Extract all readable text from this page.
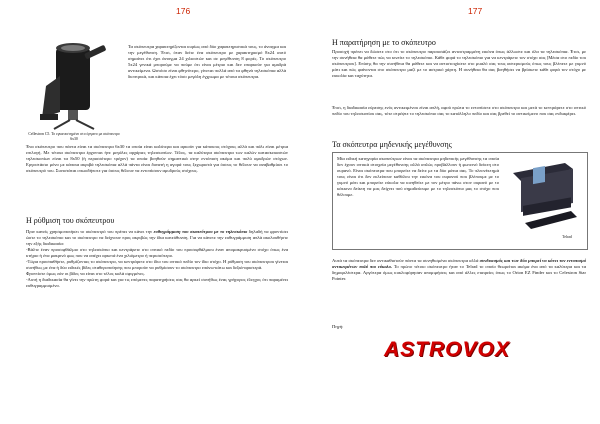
176
Cellestron C5. Το εγκατεστημένο στο όργανο με σκόπευτρο 6x30
Τα σκόπευτρα χαρακτηρίζονται κυρίως από δύο χαρακτηριστικά τους, το άνοιγμα και την μεγέθυνση. Έτσι, όταν δείτε ένα σκόπευτρο με χαρακτηρισμό 8x24 αυτό σημαίνει ότι έχει άνοιγμα 24 χιλιοστών και σε μεγέθυνση 8 φορές. Το σκόπευτρο 5x24 γενικά μπορούμε να πούμε ότι είναι μέτριο και δεν επαρκούν για αμυδρά αντικείμενα. Ωστόσο είναι φθηνότερο, γίνεται πολλά από τα φθηνά τηλεσκόπια αλλά διοπτρικά, και κάποια έχει τόσο μεγάλη έγχρωμα με τέτοια σκόπευτρα.
Ένα σκόπευτρο που πάντα είναι τα σκόπευτρα 6x30 τα οποία είναι καλύτερα και αρκούν για κάποιους στόχους αλλά και πάλι είναι μέτρια επιλογή. Με τέτοια σκόπευτρα έρχονται ήνε μεγάλες αρχάριες τηλεσκοπίων. Τέλος, τα καλύτερα σκόπευτρα των καλών κατασκευαστών τηλεσκοπίων είναι τα 8x50 (ή περισσότερο τρέχον) τα οποία βοηθούν σημαντικά στην εντόπιση ακόμα και πολύ αμυδρών στόχων. Εργοστάσιο μόνο με κάποια ακριβά τηλεσκόπια αλλά πάντα είναι δυνατή η αγορά τους ξεχωριστά για όσους το θέλουν να αναβαθμίσει το σκόπευτρό του. Συνιστάται οπωσδήποτε για όσους θέλουν να εντοπίσουν αμυδρούς στόχους.
Η ρύθμιση του σκόπευτρου

Πριν κανείς χρησιμοποιήσει το σκόπευτρό του πρέπει να κάνει την ευθυγράμμιση του σκοπεύτρου με το τηλεσκόπιο δηλαδή να φροντίσει ώστε το τηλεσκόπιο και το σκόπευτρο να δείχνουν προς ακριβώς την ίδια κατεύθυνση. Για να κάνετε την ευθυγράμμιση απλά ακολουθήστε την εξής διαδικασία:

-Βάλτε έναν προσοφθάλμιο στο τηλεσκόπιο και κεντράρετε στο οπτικό πεδίο του προσοφθάλμιου έναν απομακρυσμένο στόχο όπως ένα κτήριο ή ένα μακρινό φως που να απέχει αρκετά ένα χιλιόμετρο ή περισσότερο.

-Τώρα προσπαθήστε, ρυθμίζοντας το σκόπευτρο, να κεντράρετε στο ίδιο του οπτικό πεδίο τον ίδιο στόχο. Η ρύθμιση του σκόπευτρου γίνεται συνήθως με ένα ή δύο ειδικές βίδες σταθεροποίησης που μπορούν να ρυθμίσουν το σκόπευτρο επάνω-κάτω και δεξιά-αριστερά.

Φροντίστε όμως εάν οι βίδες να είναι στο τέλος καλά σφιγμένες.

-Αυτή η διαδικασία θα γίνει την πρώτη φορά και για τις επόμενες παρατηρήσεις σας θα αρκεί συνήθως ένας γρήγορος έλεγχος ότι παραμένει ευθυγραμμισμένο.

177
Η παρατήρηση με το σκόπευτρο
Προσοχή πρέπει να δώσετε στο ότι το σκόπευτρο παρουσιάζει αντεστραμμένη εικόνα όπως άλλωστε και όλα τα τηλεσκόπια. Έτσι, με την συνήθεια θα μάθετε πώς να κινείτε το τηλεσκόπιο. Κάθε φορά το τηλεσκόπιο για να κεντράρετε τον στόχο σας [Μέσα στο πεδίο του σκόπευτρου]. Επίσης θα την συνήθεια θα μάθετε και να αντιστοιχίσετε στο μυαλό σας τους αστερισμούς όπως τους βλέπετε με γυμνό μάτι και πώς φαίνονται στο σκόπευτρο μαζί με το αστρικό χάρτη. Η συνήθεια θα σας βοηθήσει να βρίσκετε κάθε φορά τον στόχο με ευκολία και ταχύτητα.
Έτσι, η διαδικασία εύρεσης ενός αντικειμένου είναι απλή, αφού πρώτα το εντοπίσετε στο σκόπευτρο και μετά το κεντράρετε στο οπτικό πεδίο του τηλεσκοπίου σας, τότε στρέψτε το τηλεσκόπιο σας το κατάλληλο πεδίο και σας βρεθεί το αντικείμενο που σας ενδιαφέρει.
Τα σκόπευτρα μηδενικής μεγέθυνσης
Μία ειδική κατηγορία σκοπεύτρων είναι τα σκόπευτρα μηδενικής μεγέθυνσης τα οποία δεν έχουν οπτικά στοιχεία μεγέθυνσης αλλά απλώς προβάλλουν ή φωτεινό δείκτη στο ουρανό. Είναι σκόπευτρα που μπορείτε να δείτε με τα δύο μάτια σας. Το πλεονέκτημά τους είναι ότι δεν εκλείπουν καθόλου την εικόνα του ουρανού που βλέπουμε με το γυμνό μάτι και μπορείτε εύκολα να κινηθείτε με τον μέτρο πάνω στον ουρανό με το κόκκινο δείκτη να μας δείχνει πού σημαδεύουμε με το τηλεσκόπιο μας το στόχο που θέλουμε.
Telrad

Αυτά τα σκόπευτρα δεν αντικαθιστούν πάντα τα συνηθισμένα σκόπευτρα αλλά συνδυασμός και των δύο μπορεί να κάνει τον εντοπισμό αντικειμένων πολύ πιο εύκολο. Το πρώτο τέτοιο σκόπευτρο ήταν το Telrad το οποίο θεωρείται ακόμα ένα από τα καλύτερα και τα δημοφιλέστερα. Αργότερα όμως κυκλοφόρησαν απομιμήσεις και από άλλες εταιρείες όπως το Orion EZ Finder και το Celestron Star Pointer.

Πηγή:
ASTROVOX
